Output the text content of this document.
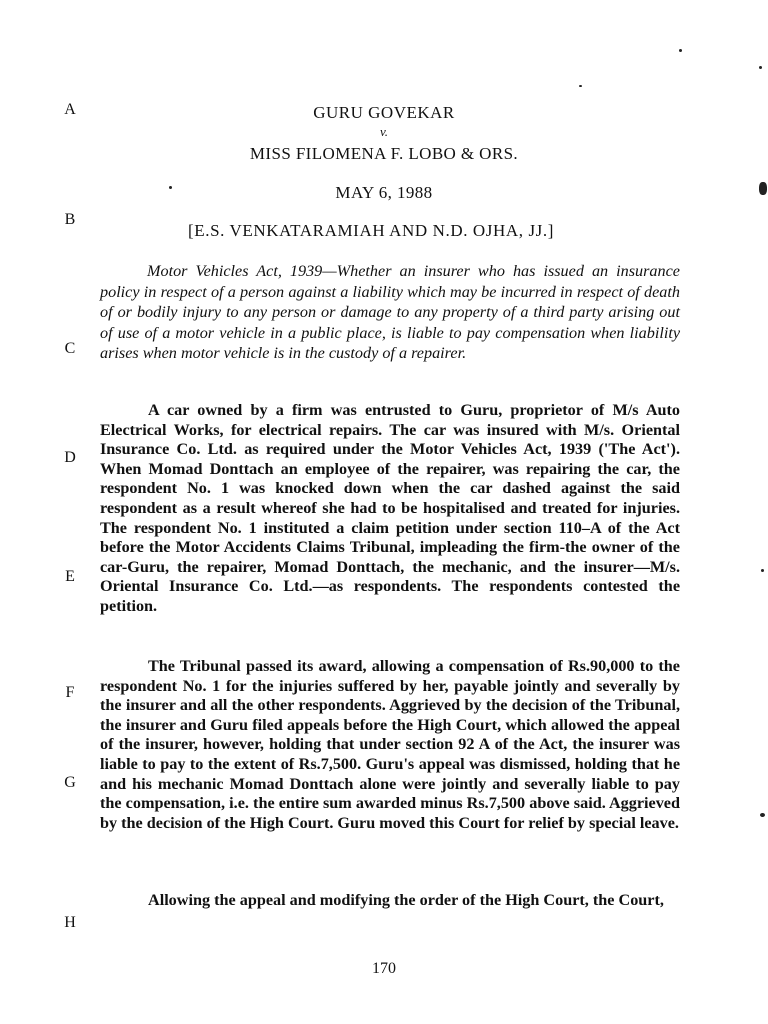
A
B
C
D
E
F
G
H
GURU GOVEKAR
v.
MISS FILOMENA F. LOBO & ORS.
MAY 6, 1988
[E.S. VENKATARAMIAH AND N.D. OJHA, JJ.]
Motor Vehicles Act, 1939—Whether an insurer who has issued an insurance policy in respect of a person against a liability which may be incurred in respect of death of or bodily injury to any person or damage to any property of a third party arising out of use of a motor vehicle in a public place, is liable to pay compensation when liability arises when motor vehicle is in the custody of a repairer.
A car owned by a firm was entrusted to Guru, proprietor of M/s Auto Electrical Works, for electrical repairs. The car was insured with M/s. Oriental Insurance Co. Ltd. as required under the Motor Vehicles Act, 1939 ('The Act'). When Momad Donttach an employee of the repairer, was repairing the car, the respondent No. 1 was knocked down when the car dashed against the said respondent as a result whereof she had to be hospitalised and treated for injuries. The respondent No. 1 instituted a claim petition under section 110–A of the Act before the Motor Accidents Claims Tribunal, impleading the firm-the owner of the car-Guru, the repairer, Momad Donttach, the mechanic, and the insurer—M/s. Oriental Insurance Co. Ltd.—as respondents. The respondents contested the petition.
The Tribunal passed its award, allowing a compensation of Rs.90,000 to the respondent No. 1 for the injuries suffered by her, payable jointly and severally by the insurer and all the other respondents. Aggrieved by the decision of the Tribunal, the insurer and Guru filed appeals before the High Court, which allowed the appeal of the insurer, however, holding that under section 92 A of the Act, the insurer was liable to pay to the extent of Rs.7,500. Guru's appeal was dismissed, holding that he and his mechanic Momad Donttach alone were jointly and severally liable to pay the compensation, i.e. the entire sum awarded minus Rs.7,500 above said. Aggrieved by the decision of the High Court. Guru moved this Court for relief by special leave.
Allowing the appeal and modifying the order of the High Court, the Court,
170
